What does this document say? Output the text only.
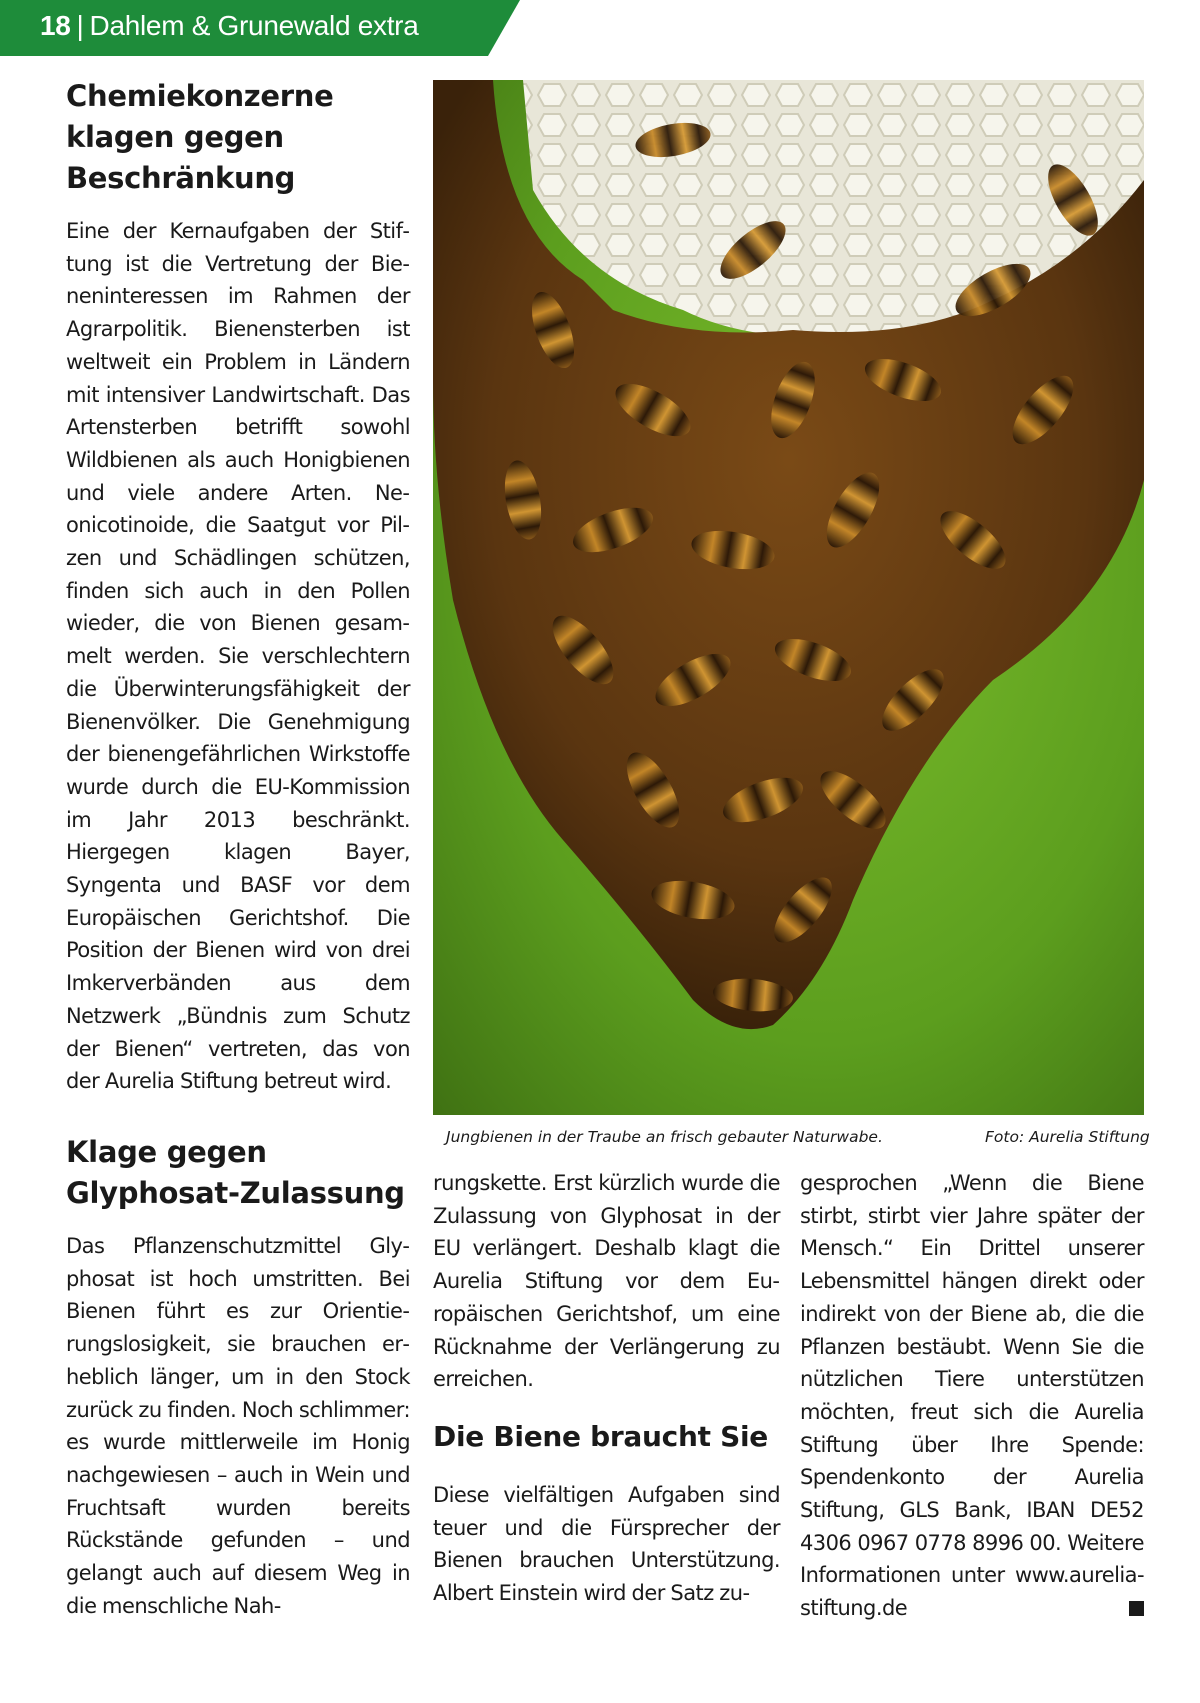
18 | Dahlem & Grunewald extra
Chemiekonzerne
klagen gegen
Beschränkung

Eine der Kernaufgaben der Stiftung ist die Vertretung der Bieneninteressen im Rahmen der Agrarpolitik. Bienensterben ist weltweit ein Problem in Ländern mit intensiver Landwirtschaft. Das Artensterben betrifft sowohl Wildbienen als auch Honigbienen und viele andere Arten. Neonicotinoide, die Saatgut vor Pilzen und Schädlingen schützen, finden sich auch in den Pollen wieder, die von Bienen gesammelt werden. Sie verschlechtern die Überwinterungsfähigkeit der Bienenvölker. Die Genehmigung der bienengefährlichen Wirkstoffe wurde durch die EU-Kommission im Jahr 2013 beschränkt. Hiergegen klagen Bayer, Syngenta und BASF vor dem Europäischen Gerichtshof. Die Position der Bienen wird von drei Imkerverbänden aus dem Netzwerk „Bündnis zum Schutz der Bienen“ vertreten, das von der Aurelia Stiftung betreut wird.

Klage gegen
Glyphosat-Zulassung

Das Pflanzenschutzmittel Glyphosat ist hoch umstritten. Bei Bienen führt es zur Orientierungslosigkeit, sie brauchen erheblich länger, um in den Stock zurück zu finden. Noch schlimmer: es wurde mittlerweile im Honig nachgewiesen – auch in Wein und Fruchtsaft wurden bereits Rückstände gefunden – und gelangt auch auf diesem Weg in die menschliche Nah-

rungskette. Erst kürzlich wurde die Zulassung von Glyphosat in der EU verlängert. Deshalb klagt die Aurelia Stiftung vor dem Europäischen Gerichtshof, um eine Rücknahme der Verlängerung zu erreichen.

Die Biene braucht Sie

Diese vielfältigen Aufgaben sind teuer und die Fürsprecher der Bienen brauchen Unterstützung. Albert Einstein wird der Satz zu-

gesprochen „Wenn die Biene stirbt, stirbt vier Jahre später der Mensch.“ Ein Drittel unserer Lebensmittel hängen direkt oder indirekt von der Biene ab, die die Pflanzen bestäubt. Wenn Sie die nützlichen Tiere unterstützen möchten, freut sich die Aurelia Stiftung über Ihre Spende: Spendenkonto der Aurelia Stiftung, GLS Bank, IBAN DE52 4306 0967 0778 8996 00. Weitere Informationen unter www.aurelia-stiftung.de

Jungbienen in der Traube an frisch gebauter Naturwabe.	Foto: Aurelia Stiftung
